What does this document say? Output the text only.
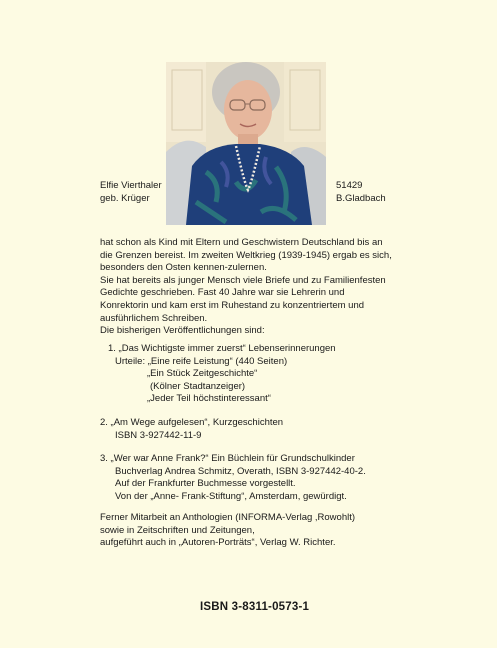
Elfie Vierthaler
geb. Krüger
51429
B.Gladbach

hat schon als Kind mit Eltern und Geschwistern Deutschland bis an

die Grenzen bereist. Im zweiten Weltkrieg (1939-1945) ergab es sich,

besonders den Osten kennen-zulernen.

Sie hat bereits als junger Mensch viele Briefe und zu Familienfesten

Gedichte geschrieben. Fast 40 Jahre war sie Lehrerin und

Konrektorin und kam erst im Ruhestand zu konzentriertem und

ausführlichem Schreiben.

Die bisherigen Veröffentlichungen sind:

1. „Das Wichtigste immer zuerst“ Lebenserinnerungen
Urteile: „Eine reife Leistung“ (440 Seiten)
„Ein Stück Zeitgeschichte“
(Kölner Stadtanzeiger)
„Jeder Teil höchstinteressant“
2. „Am Wege aufgelesen“, Kurzgeschichten
ISBN 3-927442-11-9
3. „Wer war Anne Frank?“ Ein Büchlein für Grundschulkinder
Buchverlag Andrea Schmitz, Overath, ISBN 3-927442-40-2.
Auf der Frankfurter Buchmesse vorgestellt.
Von der „Anne- Frank-Stiftung“, Amsterdam, gewürdigt.
Ferner Mitarbeit an Anthologien (INFORMA-Verlag ,Rowohlt)
sowie in Zeitschriften und Zeitungen,
aufgeführt auch in „Autoren-Porträts“, Verlag W. Richter.
ISBN 3-8311-0573-1
